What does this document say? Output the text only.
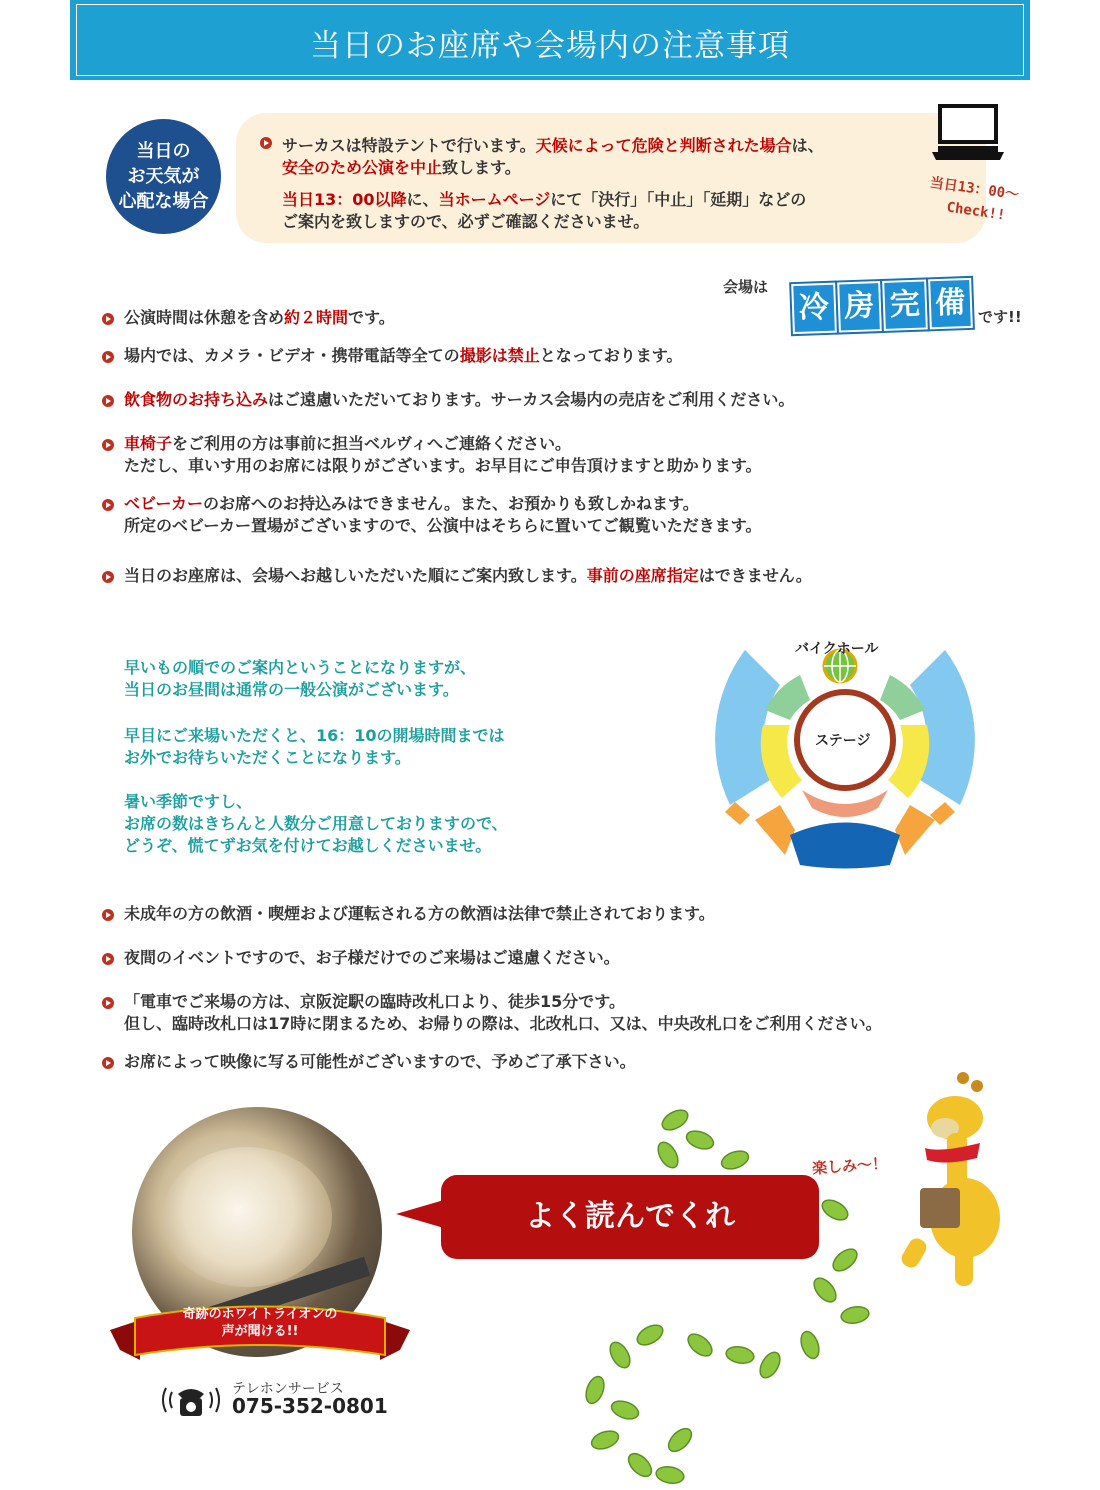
当日のお座席や会場内の注意事項
当日の
お天気が
心配な場合
サーカスは特設テントで行います。天候によって危険と判断された場合は、
安全のため公演を中止致します。
当日13：00以降に、当ホームページにて「決行」「中止」「延期」などの
ご案内を致しますので、必ずご確認くださいませ。
当日13：00～
Check!!
会場は
冷 房 完 備 です!!
公演時間は休憩を含め約２時間です。
場内では、カメラ・ビデオ・携帯電話等全ての撮影は禁止となっております。
飲食物のお持ち込みはご遠慮いただいております。サーカス会場内の売店をご利用ください。
車椅子をご利用の方は事前に担当ベルヴィへご連絡ください。
ただし、車いす用のお席には限りがございます。お早目にご申告頂けますと助かります。
ベビーカーのお席へのお持込みはできません。また、お預かりも致しかねます。
所定のベビーカー置場がございますので、公演中はそちらに置いてご観覧いただきます。
当日のお座席は、会場へお越しいただいた順にご案内致します。事前の座席指定はできません。
早いもの順でのご案内ということになりますが、
当日のお昼間は通常の一般公演がございます。
早目にご来場いただくと、16：10の開場時間までは
お外でお待ちいただくことになります。
暑い季節ですし、
お席の数はきちんと人数分ご用意しておりますので、
どうぞ、慌てずお気を付けてお越しくださいませ。
バイクホール
ステージ
未成年の方の飲酒・喫煙および運転される方の飲酒は法律で禁止されております。
夜間のイベントですので、お子様だけでのご来場はご遠慮ください。
「電車でご来場の方は、京阪淀駅の臨時改札口より、徒歩15分です。
但し、臨時改札口は17時に閉まるため、お帰りの際は、北改札口、又は、中央改札口をご利用ください。
お席によって映像に写る可能性がございますので、予めご了承下さい。
奇跡のホワイトライオンの
声が聞ける!!
テレホンサービス
075-352-0801
よく読んでくれ
楽しみ～！
